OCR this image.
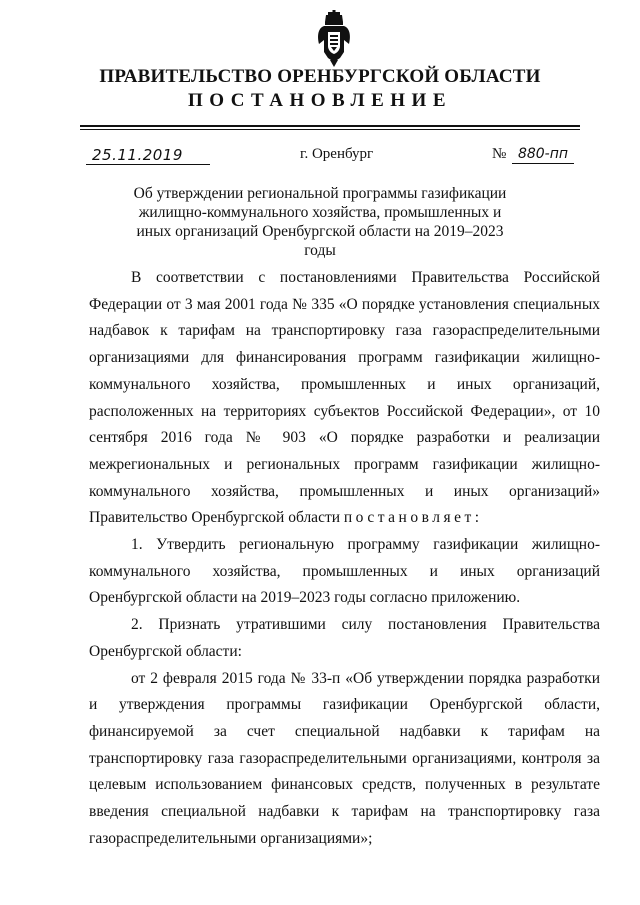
ПРАВИТЕЛЬСТВО ОРЕНБУРГСКОЙ ОБЛАСТИ
ПОСТАНОВЛЕНИЕ
25.11.2019	г. Оренбург	№ 880-пп
Об утверждении региональной программы газификации жилищно-коммунального хозяйства, промышленных и иных организаций Оренбургской области на 2019–2023 годы

В соответствии с постановлениями Правительства Российской Федерации от 3 мая 2001 года № 335 «О порядке установления специальных надбавок к тарифам на транспортировку газа газораспределительными организациями для финансирования программ газификации жилищно-коммунального хозяйства, промышленных и иных организаций, расположенных на территориях субъектов Российской Федерации», от 10 сентября 2016 года № 903 «О порядке разработки и реализации межрегиональных и региональных программ газификации жилищно-коммунального хозяйства, промышленных и иных организаций» Правительство Оренбургской области постановляет:

1. Утвердить региональную программу газификации жилищно-коммунального хозяйства, промышленных и иных организаций Оренбургской области на 2019–2023 годы согласно приложению.

2. Признать утратившими силу постановления Правительства Оренбургской области:

от 2 февраля 2015 года № 33-п «Об утверждении порядка разработки и утверждения программы газификации Оренбургской области, финансируемой за счет специальной надбавки к тарифам на транспортировку газа газораспределительными организациями, контроля за целевым использованием финансовых средств, полученных в результате введения специальной надбавки к тарифам на транспортировку газа газораспределительными организациями»;
